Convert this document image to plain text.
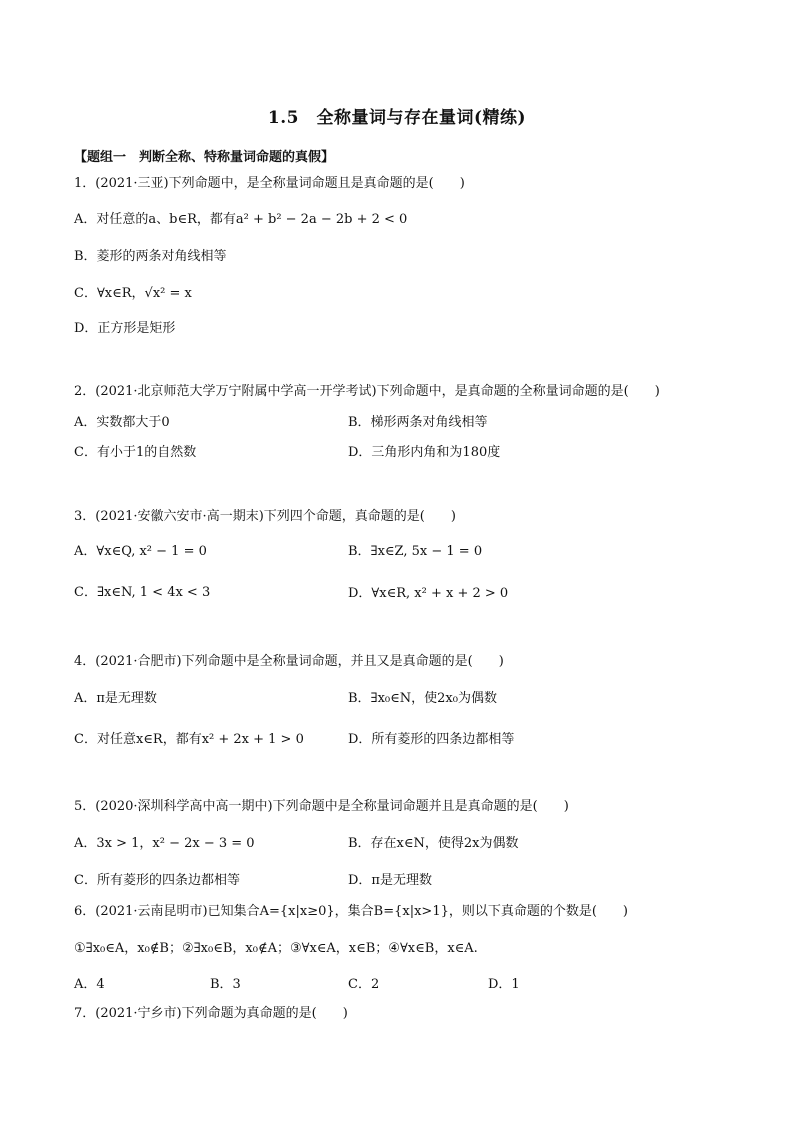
1.5　全称量词与存在量词(精练)
【题组一　判断全称、特称量词命题的真假】
1．(2021·三亚)下列命题中，是全称量词命题且是真命题的是(　　)
A．对任意的a、b∈R，都有a² + b² − 2a − 2b + 2 < 0
B．菱形的两条对角线相等
C．∀x∈R，√x² = x
D．正方形是矩形
2．(2021·北京师范大学万宁附属中学高一开学考试)下列命题中，是真命题的全称量词命题的是(　　)
A．实数都大于0	B．梯形两条对角线相等
C．有小于1的自然数	D．三角形内角和为180度
3．(2021·安徽六安市·高一期末)下列四个命题，真命题的是(　　)
A．∀x∈Q, x² − 1 = 0	B．∃x∈Z, 5x − 1 = 0
C．∃x∈N, 1 < 4x < 3	D．∀x∈R, x² + x + 2 > 0
4．(2021·合肥市)下列命题中是全称量词命题，并且又是真命题的是(　　)
A．π是无理数	B．∃x₀∈N，使2x₀为偶数
C．对任意x∈R，都有x² + 2x + 1 > 0	D．所有菱形的四条边都相等
5．(2020·深圳科学高中高一期中)下列命题中是全称量词命题并且是真命题的是(　　)
A．3x > 1，x² − 2x − 3 = 0	B．存在x∈N，使得2x为偶数
C．所有菱形的四条边都相等	D．π是无理数
6．(2021·云南昆明市)已知集合A={x|x≥0}，集合B={x|x>1}，则以下真命题的个数是(　　)
①∃x₀∈A，x₀∉B；②∃x₀∈B，x₀∉A；③∀x∈A，x∈B；④∀x∈B，x∈A.
A．4	B．3	C．2	D．1
7．(2021·宁乡市)下列命题为真命题的是(　　)
